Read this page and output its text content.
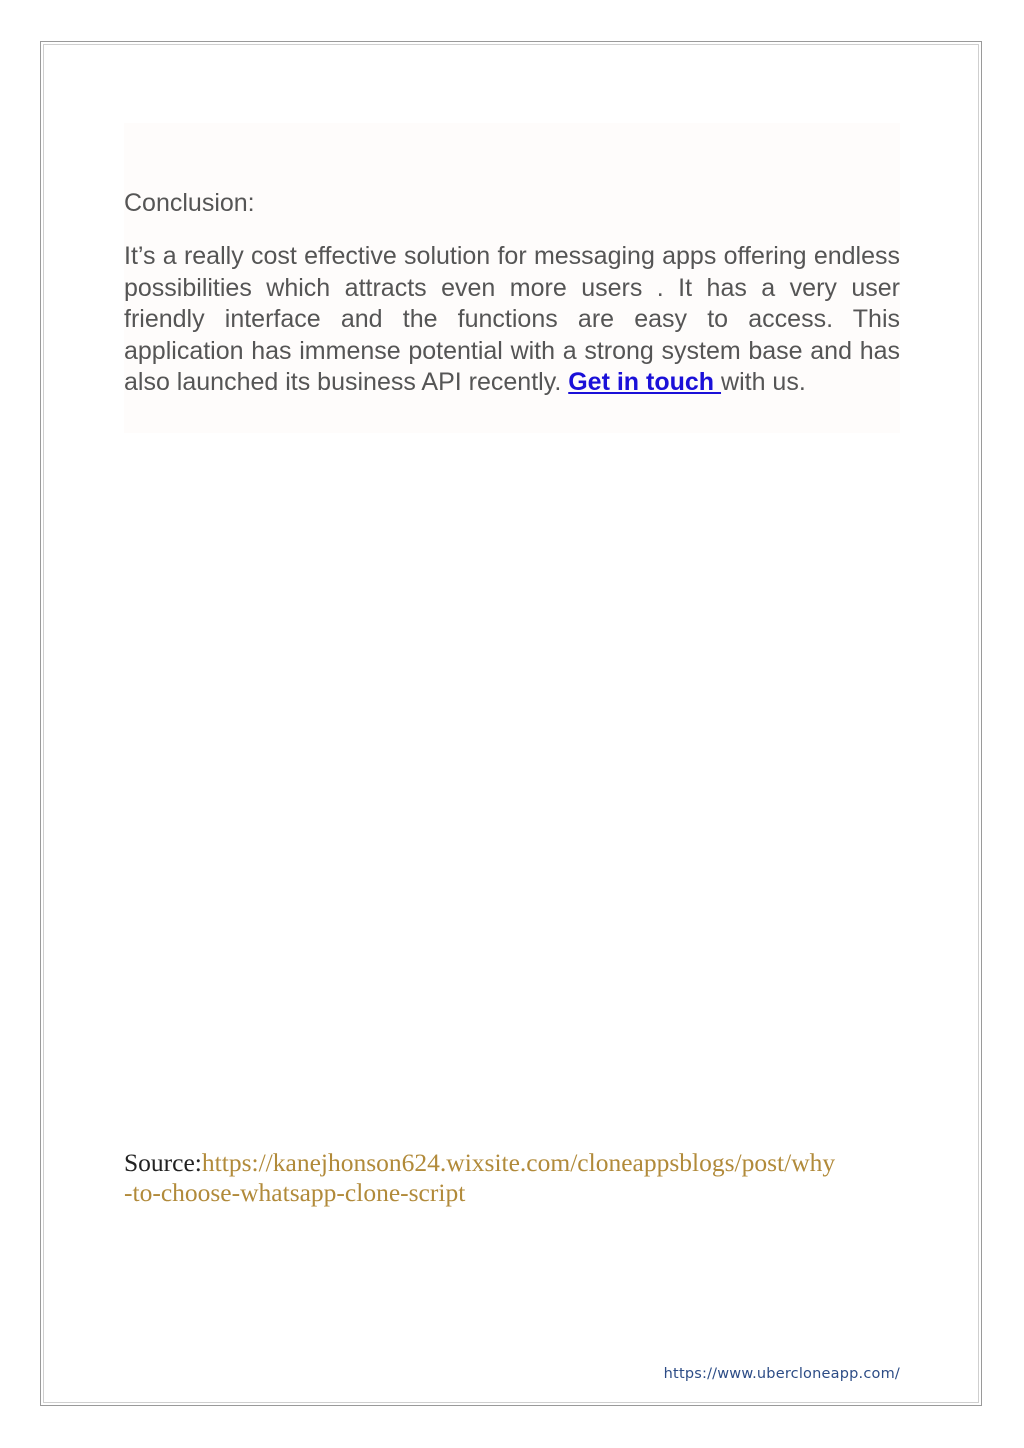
Conclusion:

It’s a really cost effective solution for messaging apps offering endless possibilities which attracts even more users . It has a very user friendly interface and the functions are easy to access. This application has immense potential with a strong system base and has also launched its business API recently. Get in touch with us.

Source:https://kanejhonson624.wixsite.com/cloneappsblogs/post/why
-to-choose-whatsapp-clone-script

https://www.ubercloneapp.com/
